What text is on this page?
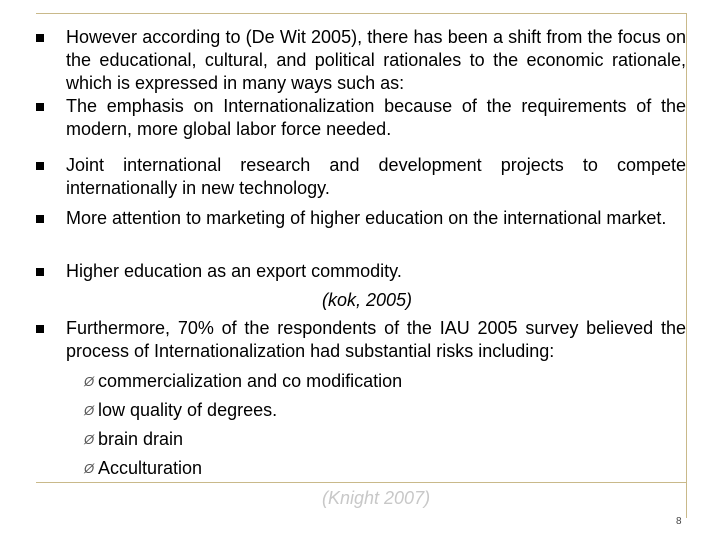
However according to (De Wit 2005), there has been a shift from the focus on the educational, cultural, and political rationales to the economic rationale, which is expressed in many ways such as:

The emphasis on Internationalization because of the requirements of the modern, more global labor force needed.

Joint international research and development projects to compete internationally in new technology.

More attention to marketing of higher education on the international market.

Higher education as an export commodity.

(kok, 2005)

Furthermore, 70% of the respondents of the IAU 2005 survey believed the process of Internationalization had substantial risks including:

Ø commercialization and co modification
Ø low quality of degrees.
Ø brain drain
Ø Acculturation
(Knight 2007)
8
